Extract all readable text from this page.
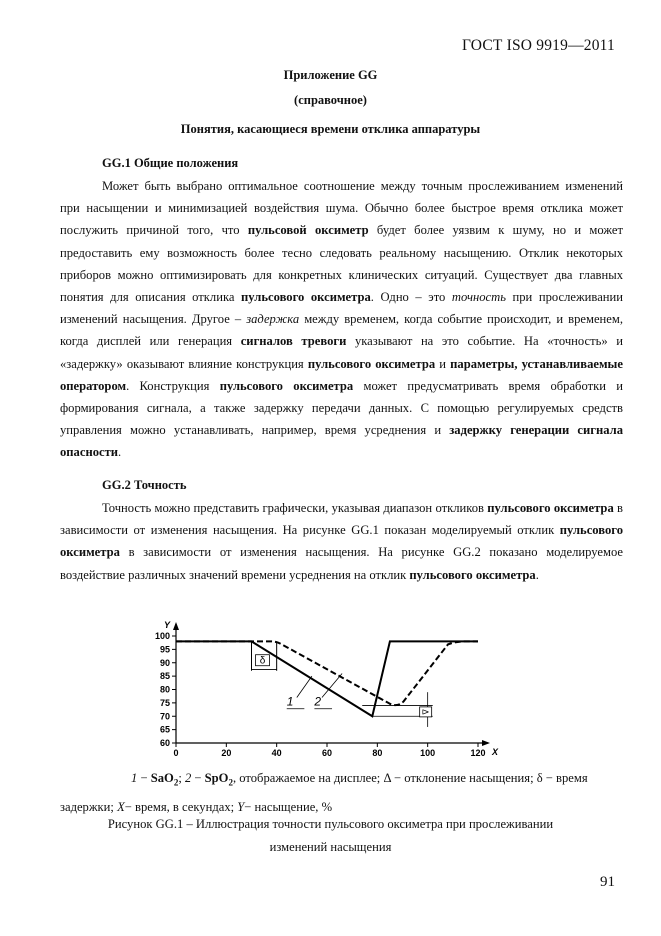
ГОСТ ISO 9919—2011
Приложение GG
(справочное)
Понятия, касающиеся времени отклика аппаратуры
GG.1 Общие положения

Может быть выбрано оптимальное соотношение между точным прослеживанием изменений при насыщении и минимизацией воздействия шума. Обычно более быстрое время отклика может послужить причиной того, что пульсовой оксиметр будет более уязвим к шуму, но и может предоставить ему возможность более тесно следовать реальному насыщению. Отклик некоторых приборов можно оптимизировать для конкретных клинических ситуаций. Существует два главных понятия для описания отклика пульсового оксиметра. Одно – это точность при прослеживании изменений насыщения. Другое – задержка между временем, когда событие происходит, и временем, когда дисплей или генерация сигналов тревоги указывают на это событие. На «точность» и «задержку» оказывают влияние конструкция пульсового оксиметра и параметры, устанавливаемые оператором. Конструкция пульсового оксиметра может предусматривать время обработки и формирования сигнала, а также задержку передачи данных. С помощью регулируемых средств управления можно устанавливать, например, время усреднения и задержку генерации сигнала опасности.

GG.2 Точность

Точность можно представить графически, указывая диапазон откликов пульсового оксиметра в зависимости от изменения насыщения. На рисунке GG.1 показан моделируемый отклик пульсового оксиметра в зависимости от изменения насыщения. На рисунке GG.2 показано моделируемое воздействие различных значений времени усреднения на отклик пульсового оксиметра.

Y
X
60
65
70
75
80
85
90
95
100
0	20	40	60	80	100	120
δ
Δ
1 2
1 − SaO$_2$; 2 − SpO$_2$, отображаемое на дисплее; Δ − отклонение насыщения; δ − время задержки; X− время, в секундах; Y− насыщение, %
Рисунок GG.1 – Иллюстрация точности пульсового оксиметра при прослеживании
изменений насыщения
91
